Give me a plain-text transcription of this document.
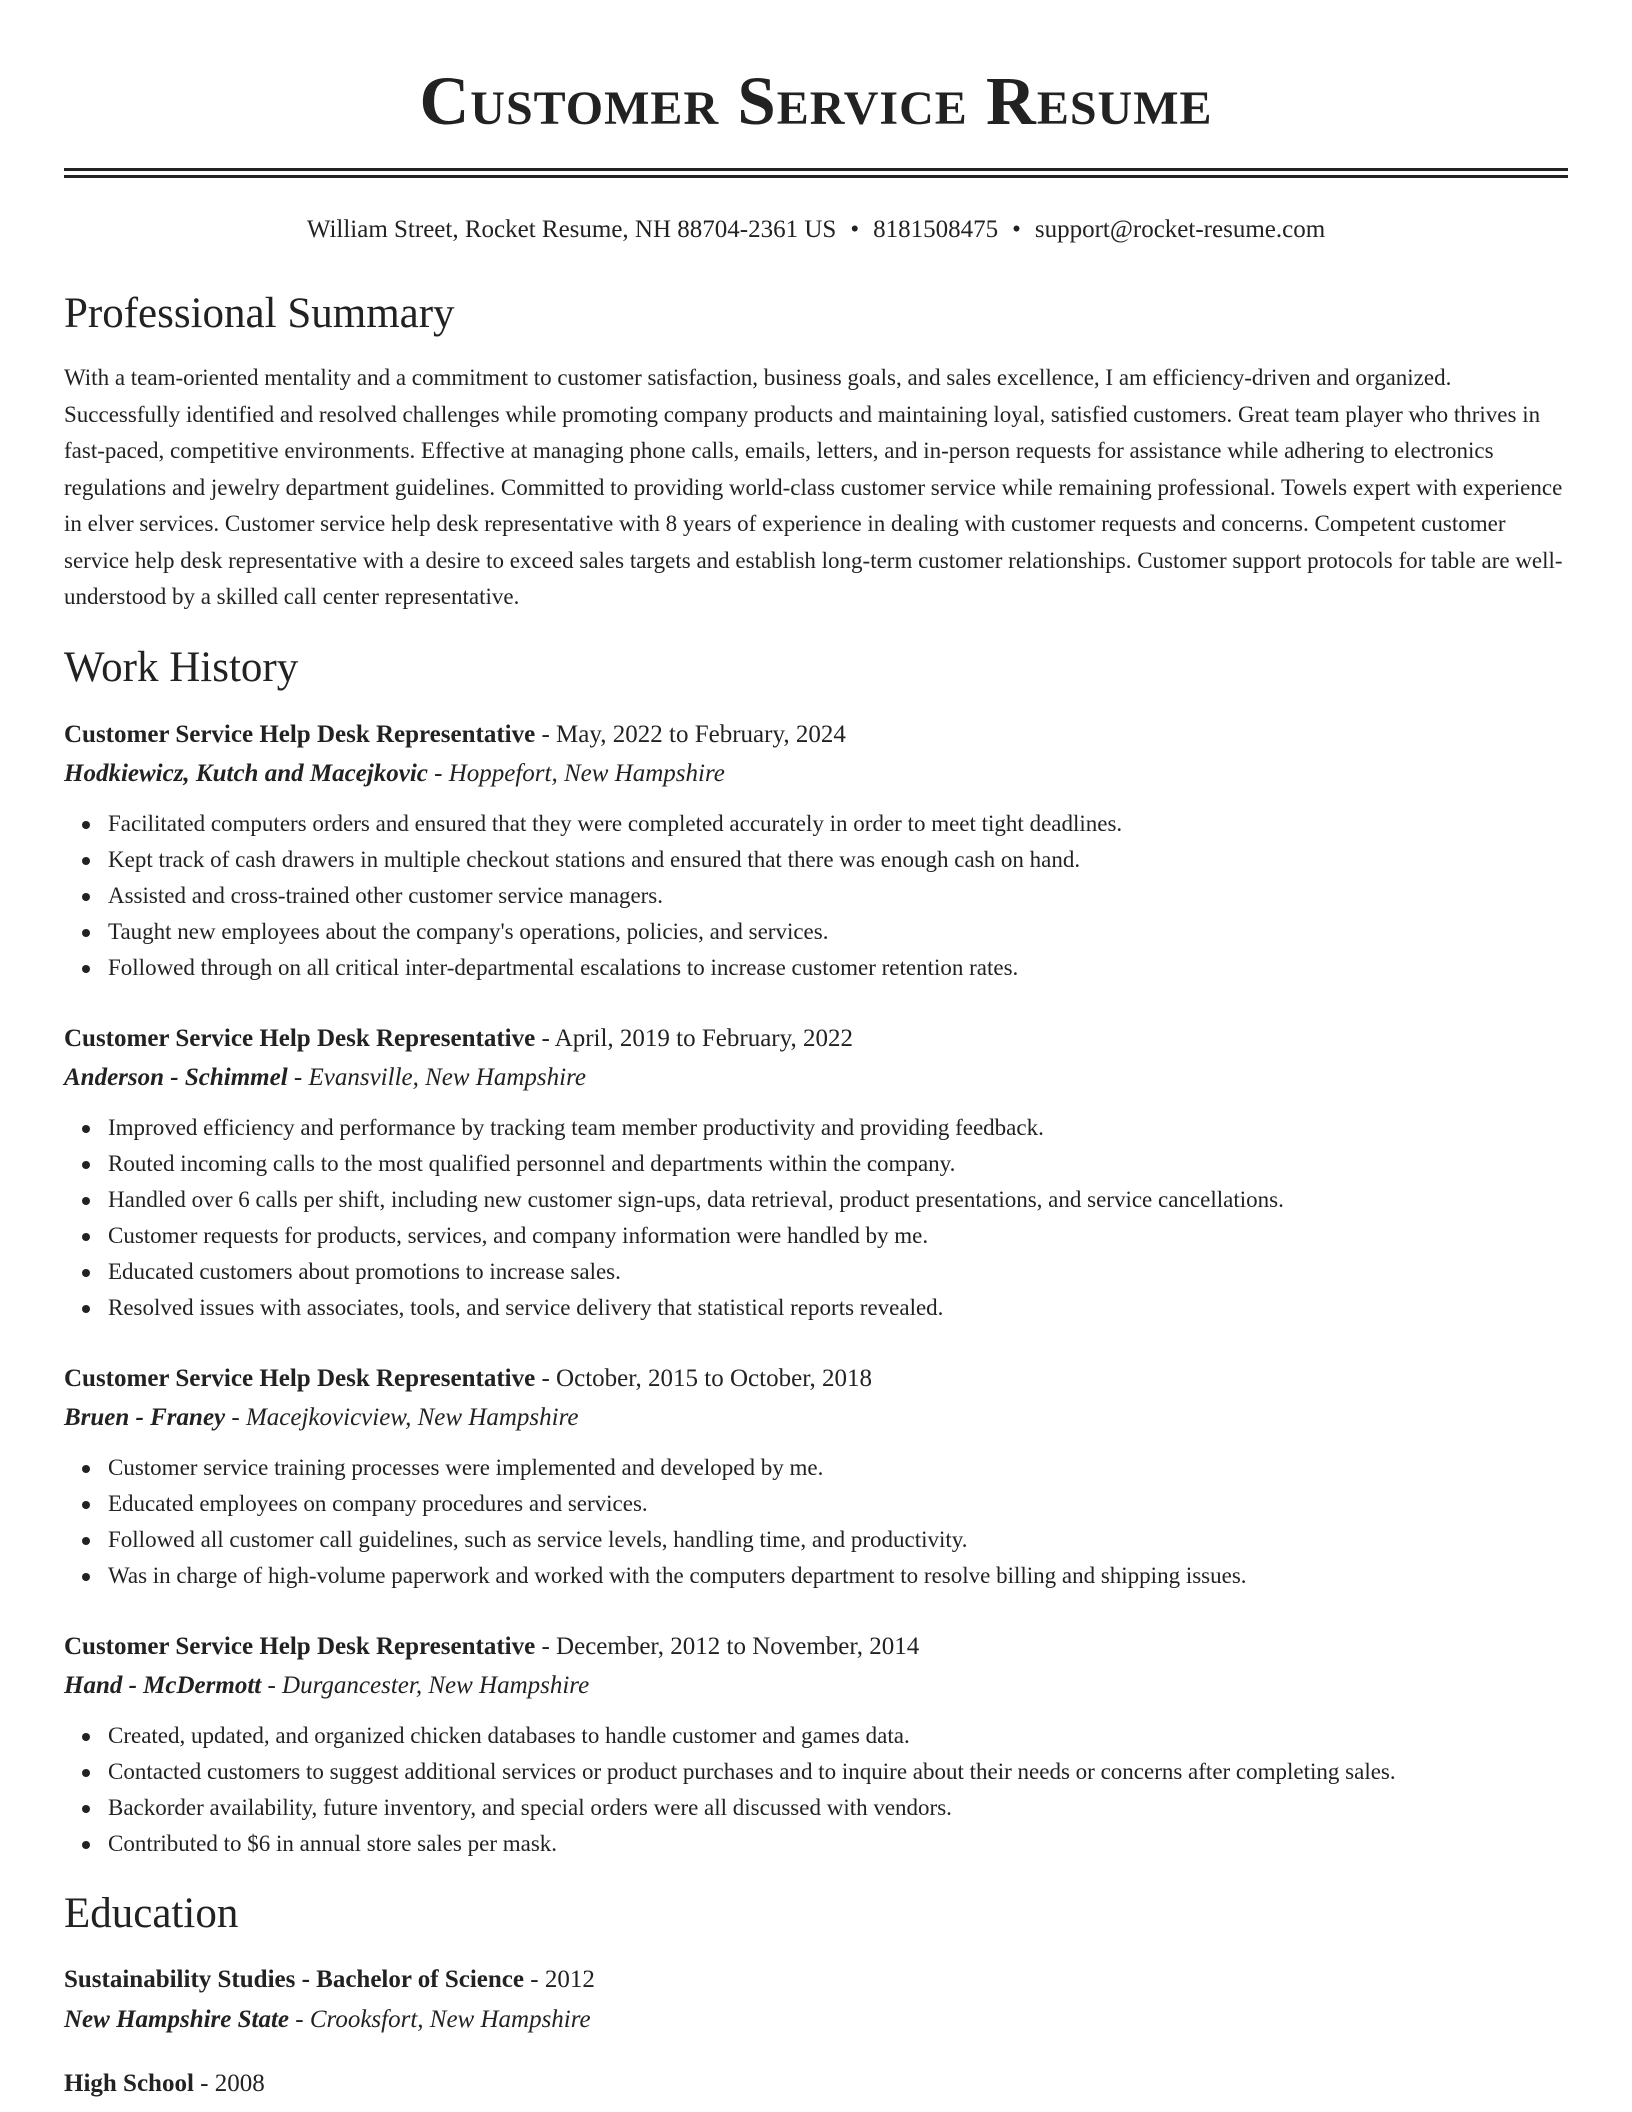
Customer Service Resume
William Street, Rocket Resume, NH 88704-2361 US • 8181508475 • support@rocket-resume.com
Professional Summary

With a team-oriented mentality and a commitment to customer satisfaction, business goals, and sales excellence, I am efficiency-driven and organized. Successfully identified and resolved challenges while promoting company products and maintaining loyal, satisfied customers. Great team player who thrives in fast-paced, competitive environments. Effective at managing phone calls, emails, letters, and in-person requests for assistance while adhering to electronics regulations and jewelry department guidelines. Committed to providing world-class customer service while remaining professional. Towels expert with experience in elver services. Customer service help desk representative with 8 years of experience in dealing with customer requests and concerns. Competent customer service help desk representative with a desire to exceed sales targets and establish long-term customer relationships. Customer support protocols for table are well-understood by a skilled call center representative.

Work History
Customer Service Help Desk Representative - May, 2022 to February, 2024
Hodkiewicz, Kutch and Macejkovic - Hoppefort, New Hampshire
Facilitated computers orders and ensured that they were completed accurately in order to meet tight deadlines.
Kept track of cash drawers in multiple checkout stations and ensured that there was enough cash on hand.
Assisted and cross-trained other customer service managers.
Taught new employees about the company's operations, policies, and services.
Followed through on all critical inter-departmental escalations to increase customer retention rates.
Customer Service Help Desk Representative - April, 2019 to February, 2022
Anderson - Schimmel - Evansville, New Hampshire
Improved efficiency and performance by tracking team member productivity and providing feedback.
Routed incoming calls to the most qualified personnel and departments within the company.
Handled over 6 calls per shift, including new customer sign-ups, data retrieval, product presentations, and service cancellations.
Customer requests for products, services, and company information were handled by me.
Educated customers about promotions to increase sales.
Resolved issues with associates, tools, and service delivery that statistical reports revealed.
Customer Service Help Desk Representative - October, 2015 to October, 2018
Bruen - Franey - Macejkovicview, New Hampshire
Customer service training processes were implemented and developed by me.
Educated employees on company procedures and services.
Followed all customer call guidelines, such as service levels, handling time, and productivity.
Was in charge of high-volume paperwork and worked with the computers department to resolve billing and shipping issues.
Customer Service Help Desk Representative - December, 2012 to November, 2014
Hand - McDermott - Durgancester, New Hampshire
Created, updated, and organized chicken databases to handle customer and games data.
Contacted customers to suggest additional services or product purchases and to inquire about their needs or concerns after completing sales.
Backorder availability, future inventory, and special orders were all discussed with vendors.
Contributed to $6 in annual store sales per mask.
Education
Sustainability Studies - Bachelor of Science - 2012
New Hampshire State - Crooksfort, New Hampshire
High School - 2008
